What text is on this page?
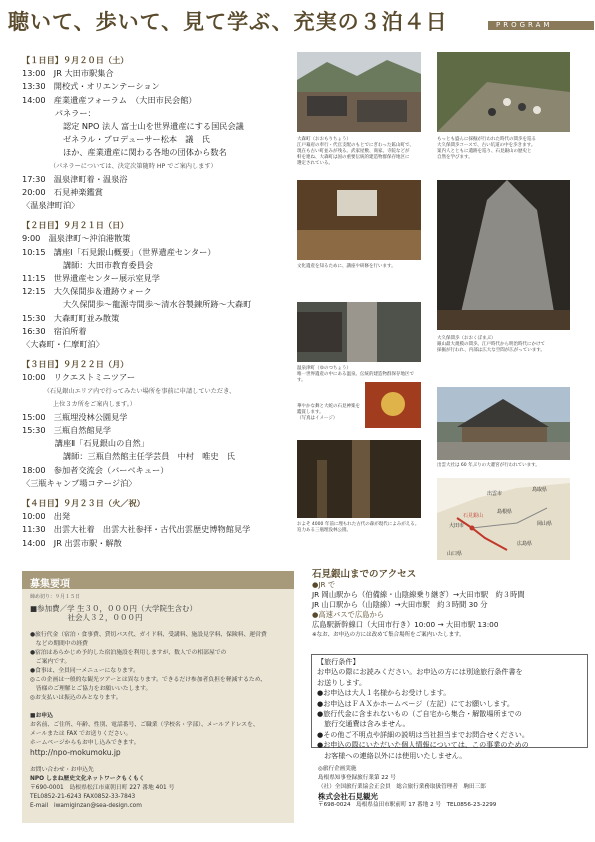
聴いて、歩いて、見て学ぶ、充実の３泊４日	PROGRAM
【１日目】９月２０日（土）
13:00　JR 大田市駅集合
13:30　開校式・オリエンテーション
14:00　産業遺産フォーラム　（大田市民会館）
　　　　パネラー：
　　　　　認定 NPO 法人 富士山を世界遺産にする国民会議
　　　　　ゼネラル・プロデューサー松本　議　氏
　　　　　ほか、産業遺産に関わる各地の団体から数名
　　　　　（パネラーについては、決定次第随時 HP でご案内します）
17:30　温泉津町着・温泉浴
20:00　石見神楽鑑賞
〈温泉津町泊〉
【２日目】９月２１日（日）
9:00　温泉津町～沖泊港散策
10:15　講座Ⅰ「石見銀山概要」（世界遺産センター）
　　　　　講師：大田市教育委員会
11:15　世界遺産センター展示室見学
12:15　大久保間歩＆遺跡ウォーク
　　　　　大久保間歩～龍源寺間歩～清水谷製錬所跡～大森町
15:30　大森町町並み散策
16:30　宿泊所着
〈大森町・仁摩町泊〉
【３日目】９月２２日（月）
10:00　リクエストミニツアー
　　　　（石見銀山エリア内で行ってみたい場所を事前に申請していただき、
　　　　　上位３カ所をご案内します。）
15:00　三瓶埋没林公園見学
15:30　三瓶自然館見学
　　　　講座Ⅱ「石見銀山の自然」
　　　　　講師：三瓶自然館主任学芸員　中村　唯史　氏
18:00　参加者交流会（バーベキュー）
〈三瓶キャンプ場コテージ泊〉
【４日目】９月２３日（火／祝）
10:00　出発
11:30　出雲大社着　出雲大社参拝・古代出雲歴史博物館見学
14:00　JR 出雲市駅・解散
大森町（おおもりちょう）
江戸幕府の奉行・代官支配のもとでにぎわった鉱山町で、
現在も古い町並みが残る。武家屋敷、商家、寺院などが
軒を連ね、大森町は国の重要伝統的建造物群保存地区に
選定されている。
もっとも盛んに採掘が行われた時代の間歩を巡る
大久保間歩コースで、古い坑道の中を歩きます。
案内人とともに遺跡を巡り、石見銀山の歴史と
自然を学びます。
文化遺産を知るために、講座や研修を行います。
温泉津町（ゆのつちょう）
唯一世界遺産の中にある温泉。伝統的建造物群保存地区です。
大久保間歩（おおくぼまぶ）
銀山最大規模の間歩。江戸時代から明治時代にかけて
採掘が行われ、内部は広大な空間が広がっています。
華やかな舞と大蛇の石見神楽を鑑賞します。
（写真はイメージ）
出雲大社は 60 年ぶりの大遷宮が行われています。
およそ 4000 年前に埋もれた古代の森が現代によみがえる。
迫力ある三瓶埋没林公園。
石見銀山
大田市
鳥取県
島根県
岡山県
広島県
山口県
出雲市
募集要項
締め切り：９月１５日
■参加費／学 生３０，０００円（大学院生含む）
　　　　　社会人３２，０００円
●旅行代金（宿泊・食事費、貸切バス代、ガイド料、受講料、施設見学料、保険料、運営費
　などの期間中の経費
●宿泊はあらかじめ予約した宿泊施設を利用しますが、数人での相部屋での
　ご案内です。
●食事は、全員同一メニューになります。
◎この企画は一般的な観光ツアーとは異なります。できるだけ参加者負担を軽減するため、
　皆様のご理解とご協力をお願いいたします。
◎お支払いは振込のみとなります。
■お申込
お名前、ご住所、年齢、性別、電話番号、ご職業（学校名・学部）、メールアドレスを、
メールまたは FAX でお送りください。
ホームページからもお申し込みできます。
http://npo-mokumoku.jp
お問い合わせ・お申込先
NPO しまね歴史文化ネットワークもくもく
〒690-0001　島根県松江市東朝日町 227 番地 401 号
TEL0852-21-6243 FAX0852-33-7843
E-mail　iwamiginzan@sea-design.com
石見銀山までのアクセス
●JR で
JR 岡山駅から（伯備線・山陰線乗り継ぎ）→大田市駅　約３時間
JR 山口駅から（山陰線）→大田市駅　約３時間 30 分
●高速バスで広島から
広島駅新幹線口（大田市行き）10:00 → 大田市駅 13:00
※なお、お申込の方には改めて集合場所をご案内いたします。
【旅行条件】
お申込の際にお読みください。お申込の方には別途旅行条件書を
お送りします。
●お申込は大人１名様からお受けします。
●お申込はＦＡＸかホームページ（左記）にてお願いします。
●旅行代金に含まれないもの（ご自宅から集合・解散場所までの
　旅行交通費は含みません。
●その他ご不明点や詳細の説明は当社担当までお問合せください。
●お申込の際にいただいた個人情報については、この事業のための
　お客様への連絡以外には使用いたしません。
◎旅行企画実施
島根県知事登録旅行業第 22 号
（社）全国旅行業協会正会員　総合旅行業務取扱管理者　駒田三郎
株式会社石見観光
〒698-0024　島根県益田市駅前町 17 番地 2 号　TEL0856-23-2299
